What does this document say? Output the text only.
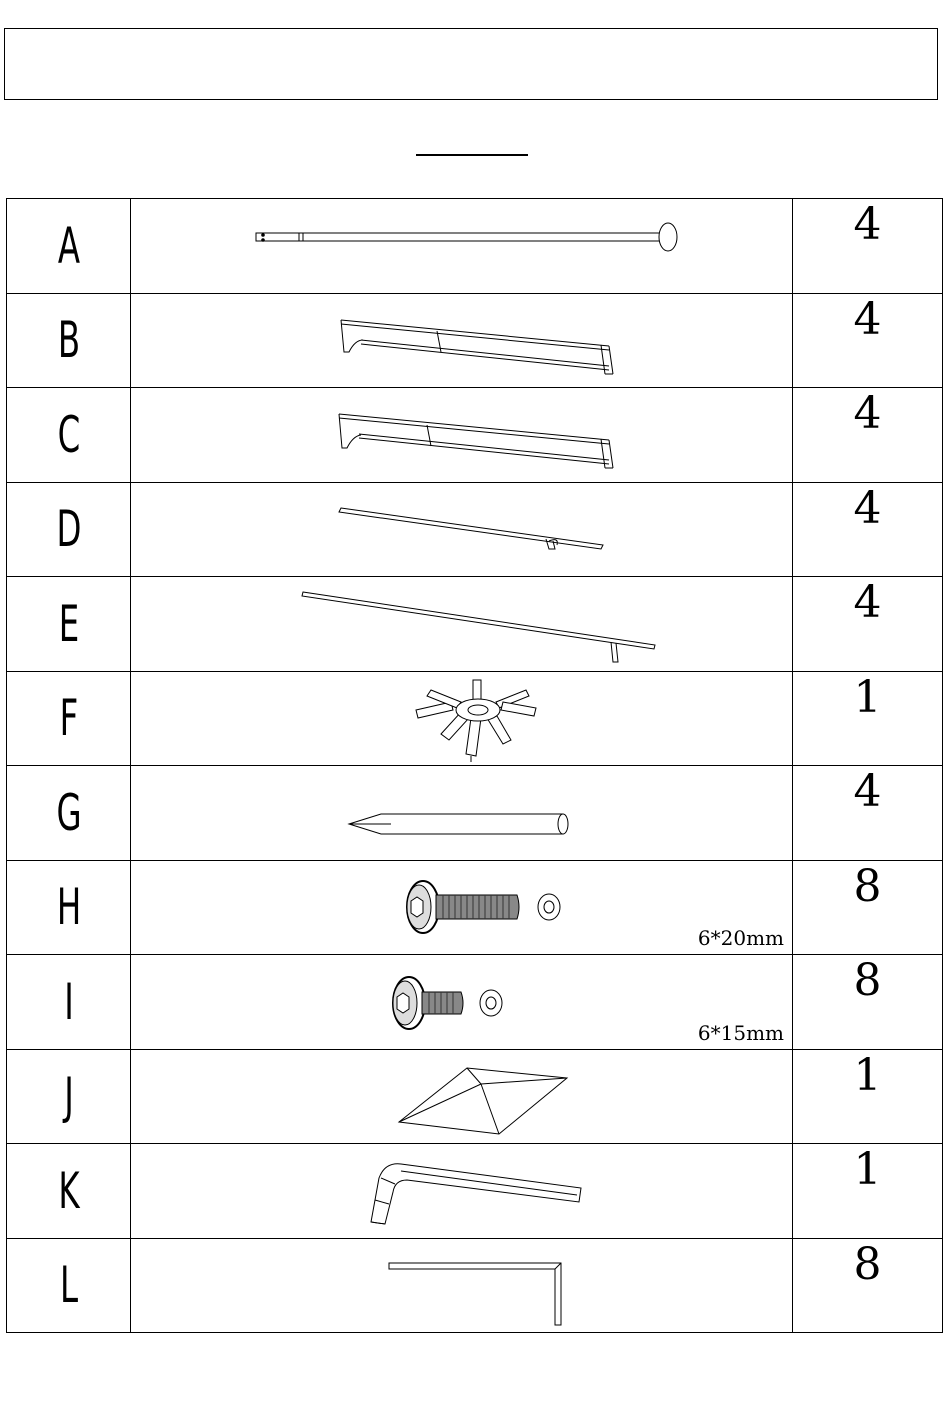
A		4
B		4
C		4
D		4
E		4
F		1
G		4
H	6*20mm	8
I	6*15mm	8
J		1
K		1
L		8
